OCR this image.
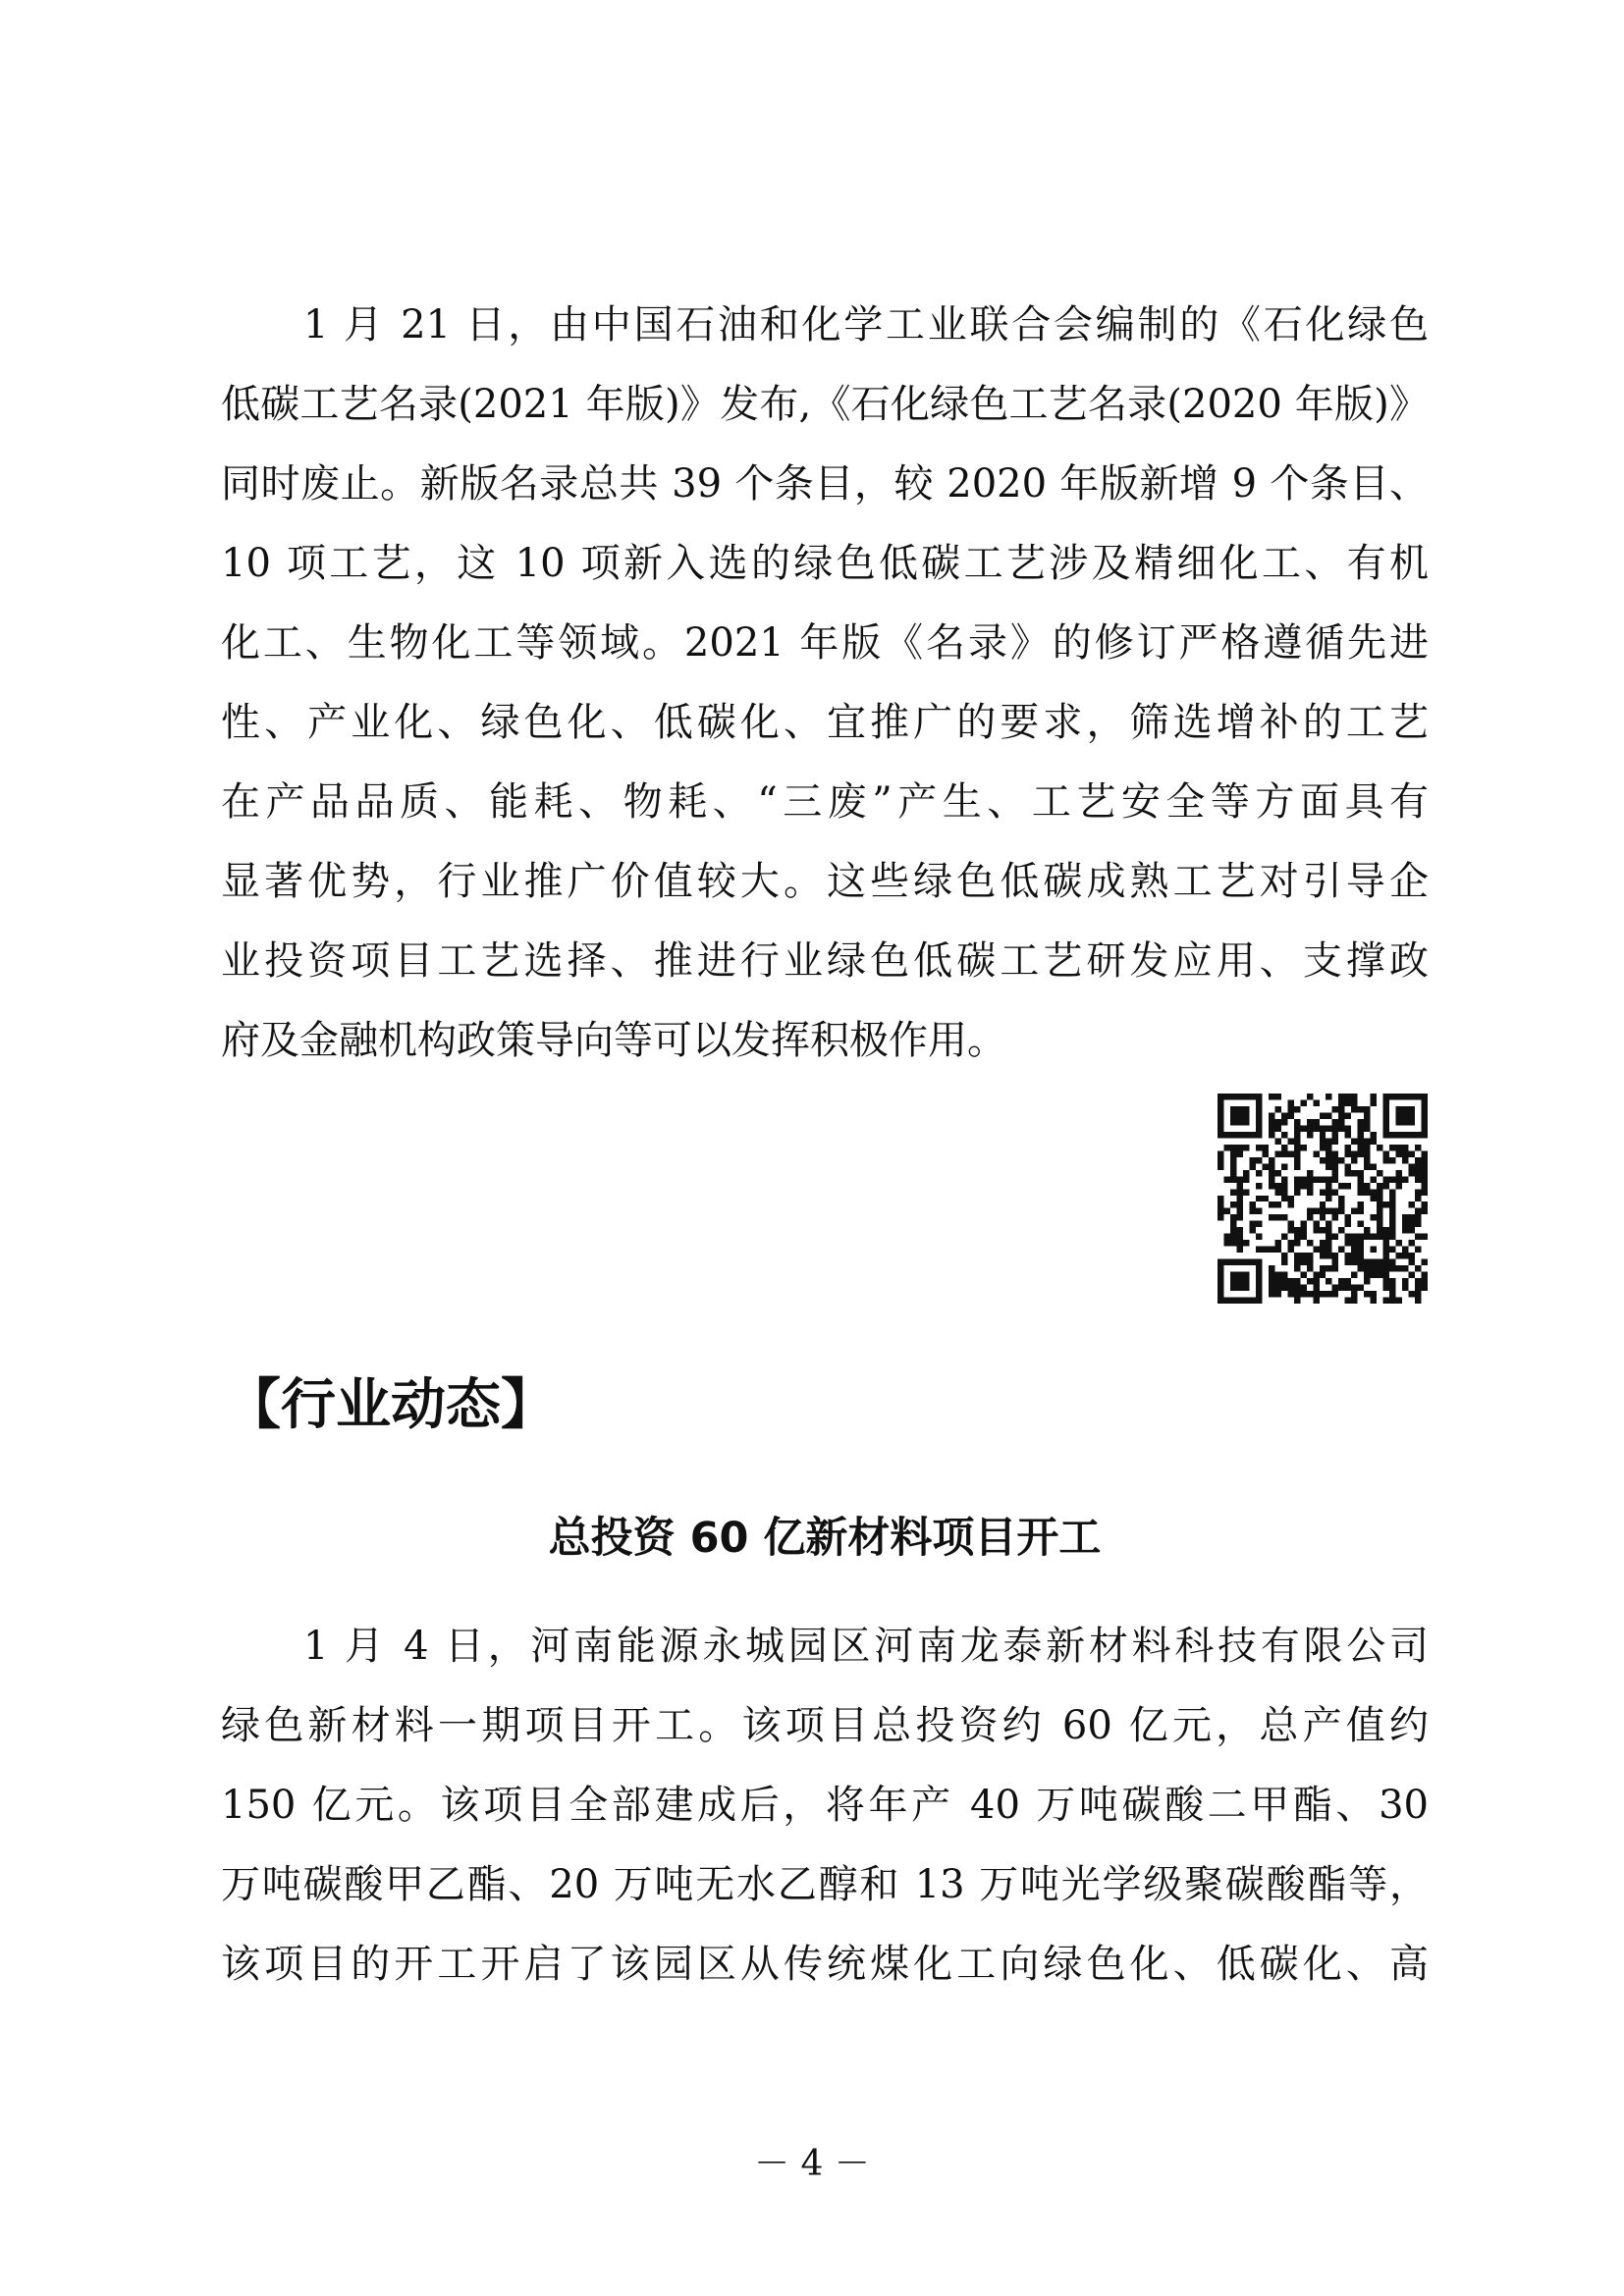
1 月 21 日，由中国石油和化学工业联合会编制的《石化绿色
低碳工艺名录(2021 年版)》发布,《石化绿色工艺名录(2020 年版)》
同时废止。新版名录总共 39 个条目，较 2020 年版新增 9 个条目、
10 项工艺，这 10 项新入选的绿色低碳工艺涉及精细化工、有机
化工、生物化工等领域。2021 年版《名录》的修订严格遵循先进
性、产业化、绿色化、低碳化、宜推广的要求，筛选增补的工艺
在产品品质、能耗、物耗、“三废”产生、工艺安全等方面具有
显著优势，行业推广价值较大。这些绿色低碳成熟工艺对引导企
业投资项目工艺选择、推进行业绿色低碳工艺研发应用、支撑政
府及金融机构政策导向等可以发挥积极作用。
【行业动态】
总投资 60 亿新材料项目开工
1 月 4 日，河南能源永城园区河南龙泰新材料科技有限公司
绿色新材料一期项目开工。该项目总投资约 60 亿元，总产值约
150 亿元。该项目全部建成后，将年产 40 万吨碳酸二甲酯、30
万吨碳酸甲乙酯、20 万吨无水乙醇和 13 万吨光学级聚碳酸酯等，
该项目的开工开启了该园区从传统煤化工向绿色化、低碳化、高
－ 4 －
